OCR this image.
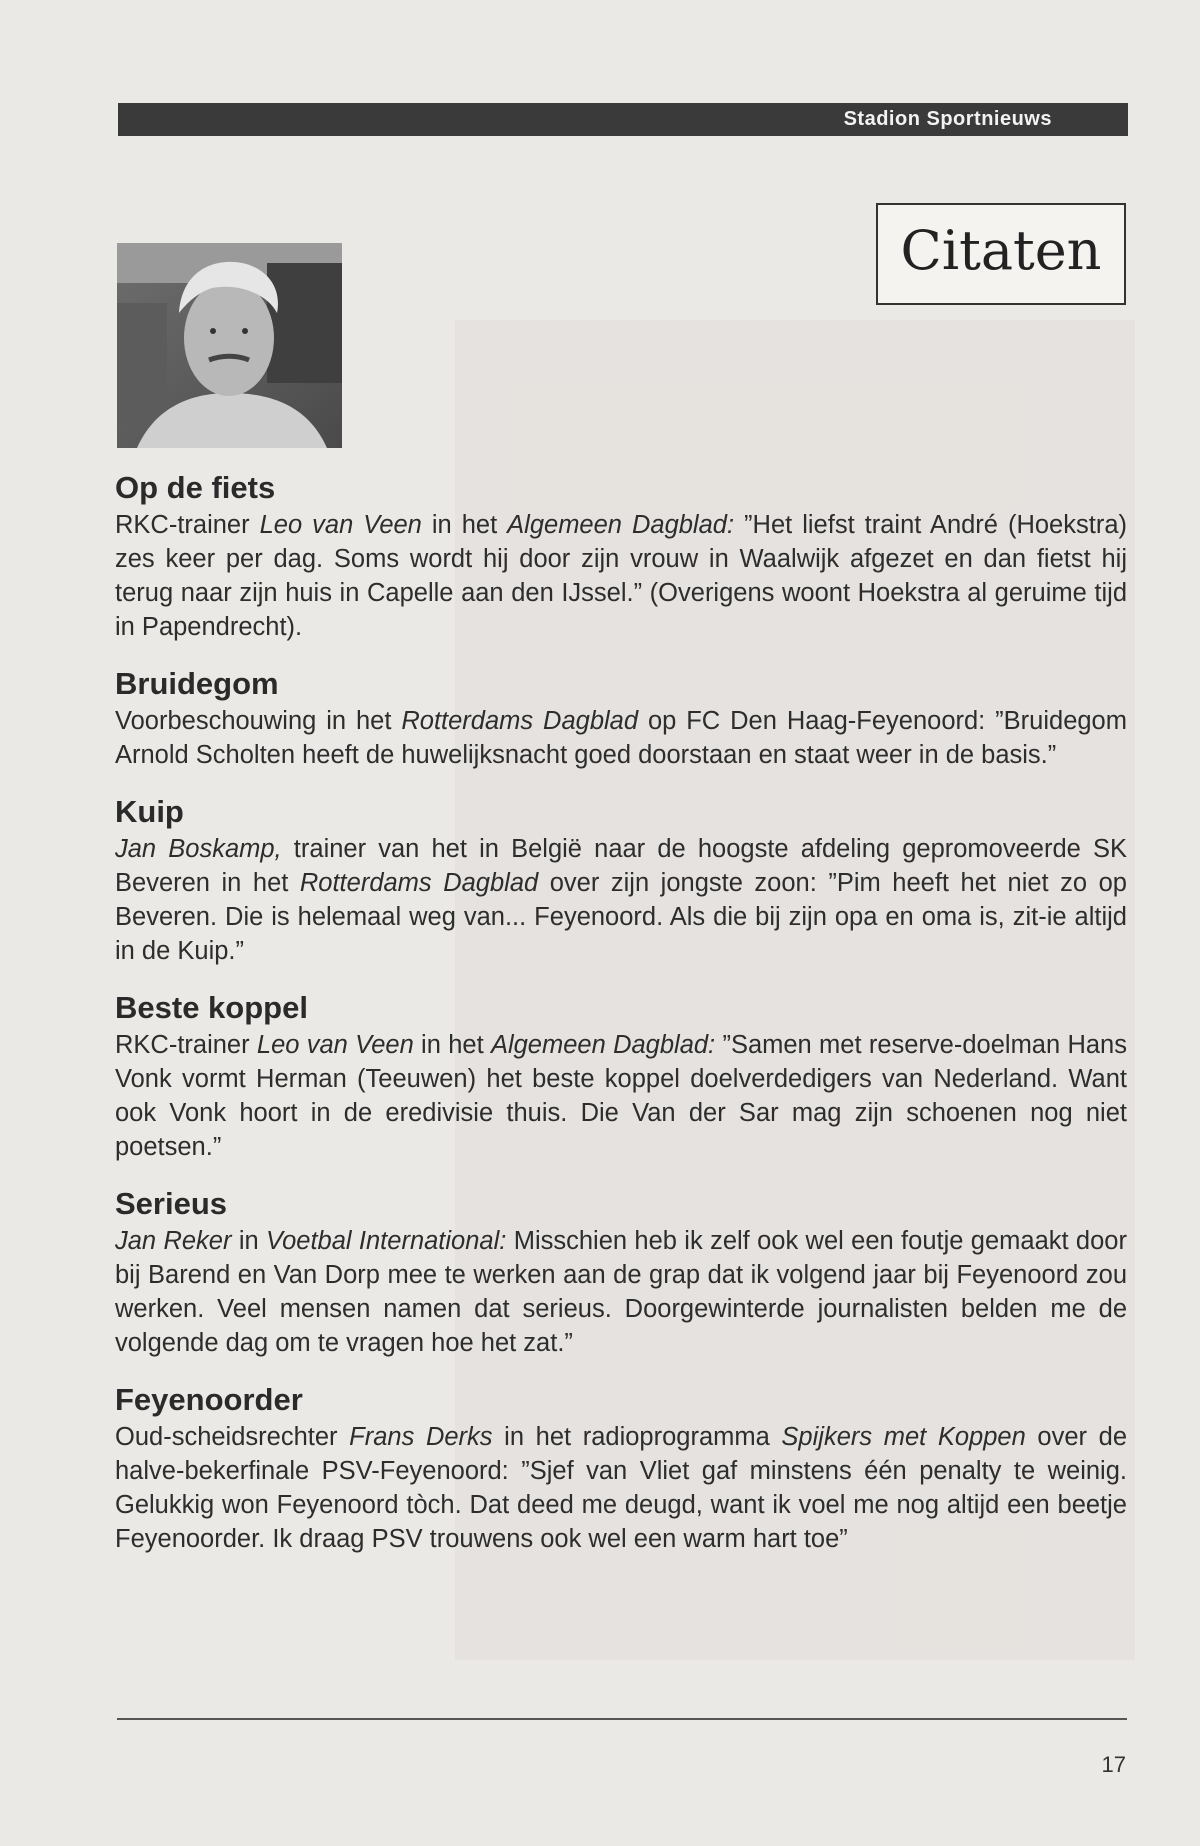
Stadion Sportnieuws
Citaten
Op de fiets

RKC-trainer Leo van Veen in het Algemeen Dagblad: ”Het liefst traint André (Hoekstra) zes keer per dag. Soms wordt hij door zijn vrouw in Waalwijk afgezet en dan fietst hij terug naar zijn huis in Capelle aan den IJssel.” (Overigens woont Hoekstra al geruime tijd in Papendrecht).

Bruidegom

Voorbeschouwing in het Rotterdams Dagblad op FC Den Haag-Feyenoord: ”Bruidegom Arnold Scholten heeft de huwelijksnacht goed doorstaan en staat weer in de basis.”

Kuip

Jan Boskamp, trainer van het in België naar de hoogste afdeling gepromoveerde SK Beveren in het Rotterdams Dagblad over zijn jongste zoon: ”Pim heeft het niet zo op Beveren. Die is helemaal weg van... Feyenoord. Als die bij zijn opa en oma is, zit-ie altijd in de Kuip.”

Beste koppel

RKC-trainer Leo van Veen in het Algemeen Dagblad: ”Samen met reserve-doelman Hans Vonk vormt Herman (Teeuwen) het beste koppel doelverdedigers van Nederland. Want ook Vonk hoort in de eredivisie thuis. Die Van der Sar mag zijn schoenen nog niet poetsen.”

Serieus

Jan Reker in Voetbal International: Misschien heb ik zelf ook wel een foutje gemaakt door bij Barend en Van Dorp mee te werken aan de grap dat ik volgend jaar bij Feyenoord zou werken. Veel mensen namen dat serieus. Doorgewinterde journalisten belden me de volgende dag om te vragen hoe het zat.”

Feyenoorder

Oud-scheidsrechter Frans Derks in het radioprogramma Spijkers met Koppen over de halve-bekerfinale PSV-Feyenoord: ”Sjef van Vliet gaf minstens één penalty te weinig. Gelukkig won Feyenoord tòch. Dat deed me deugd, want ik voel me nog altijd een beetje Feyenoorder. Ik draag PSV trouwens ook wel een warm hart toe”

17
